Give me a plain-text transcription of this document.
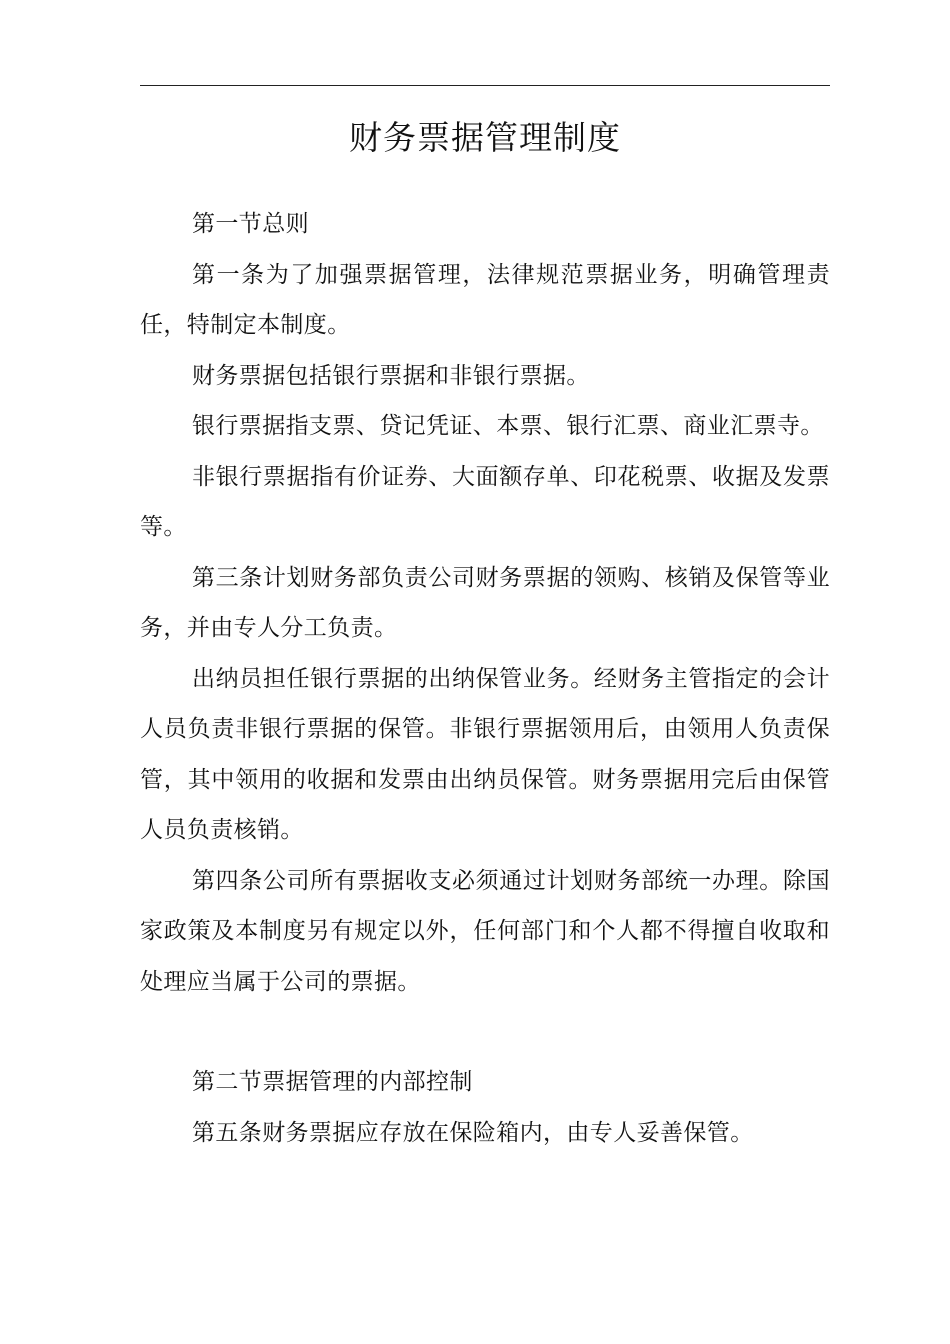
财务票据管理制度

第一节总则

第一条为了加强票据管理，法律规范票据业务，明确管理责任，特制定本制度。

财务票据包括银行票据和非银行票据。

银行票据指支票、贷记凭证、本票、银行汇票、商业汇票寺。

非银行票据指有价证券、大面额存单、印花税票、收据及发票等。

第三条计划财务部负责公司财务票据的领购、核销及保管等业务，并由专人分工负责。

出纳员担任银行票据的出纳保管业务。经财务主管指定的会计人员负责非银行票据的保管。非银行票据领用后，由领用人负责保管，其中领用的收据和发票由出纳员保管。财务票据用完后由保管人员负责核销。

第四条公司所有票据收支必须通过计划财务部统一办理。除国家政策及本制度另有规定以外，任何部门和个人都不得擅自收取和处理应当属于公司的票据。

第二节票据管理的内部控制

第五条财务票据应存放在保险箱内，由专人妥善保管。
